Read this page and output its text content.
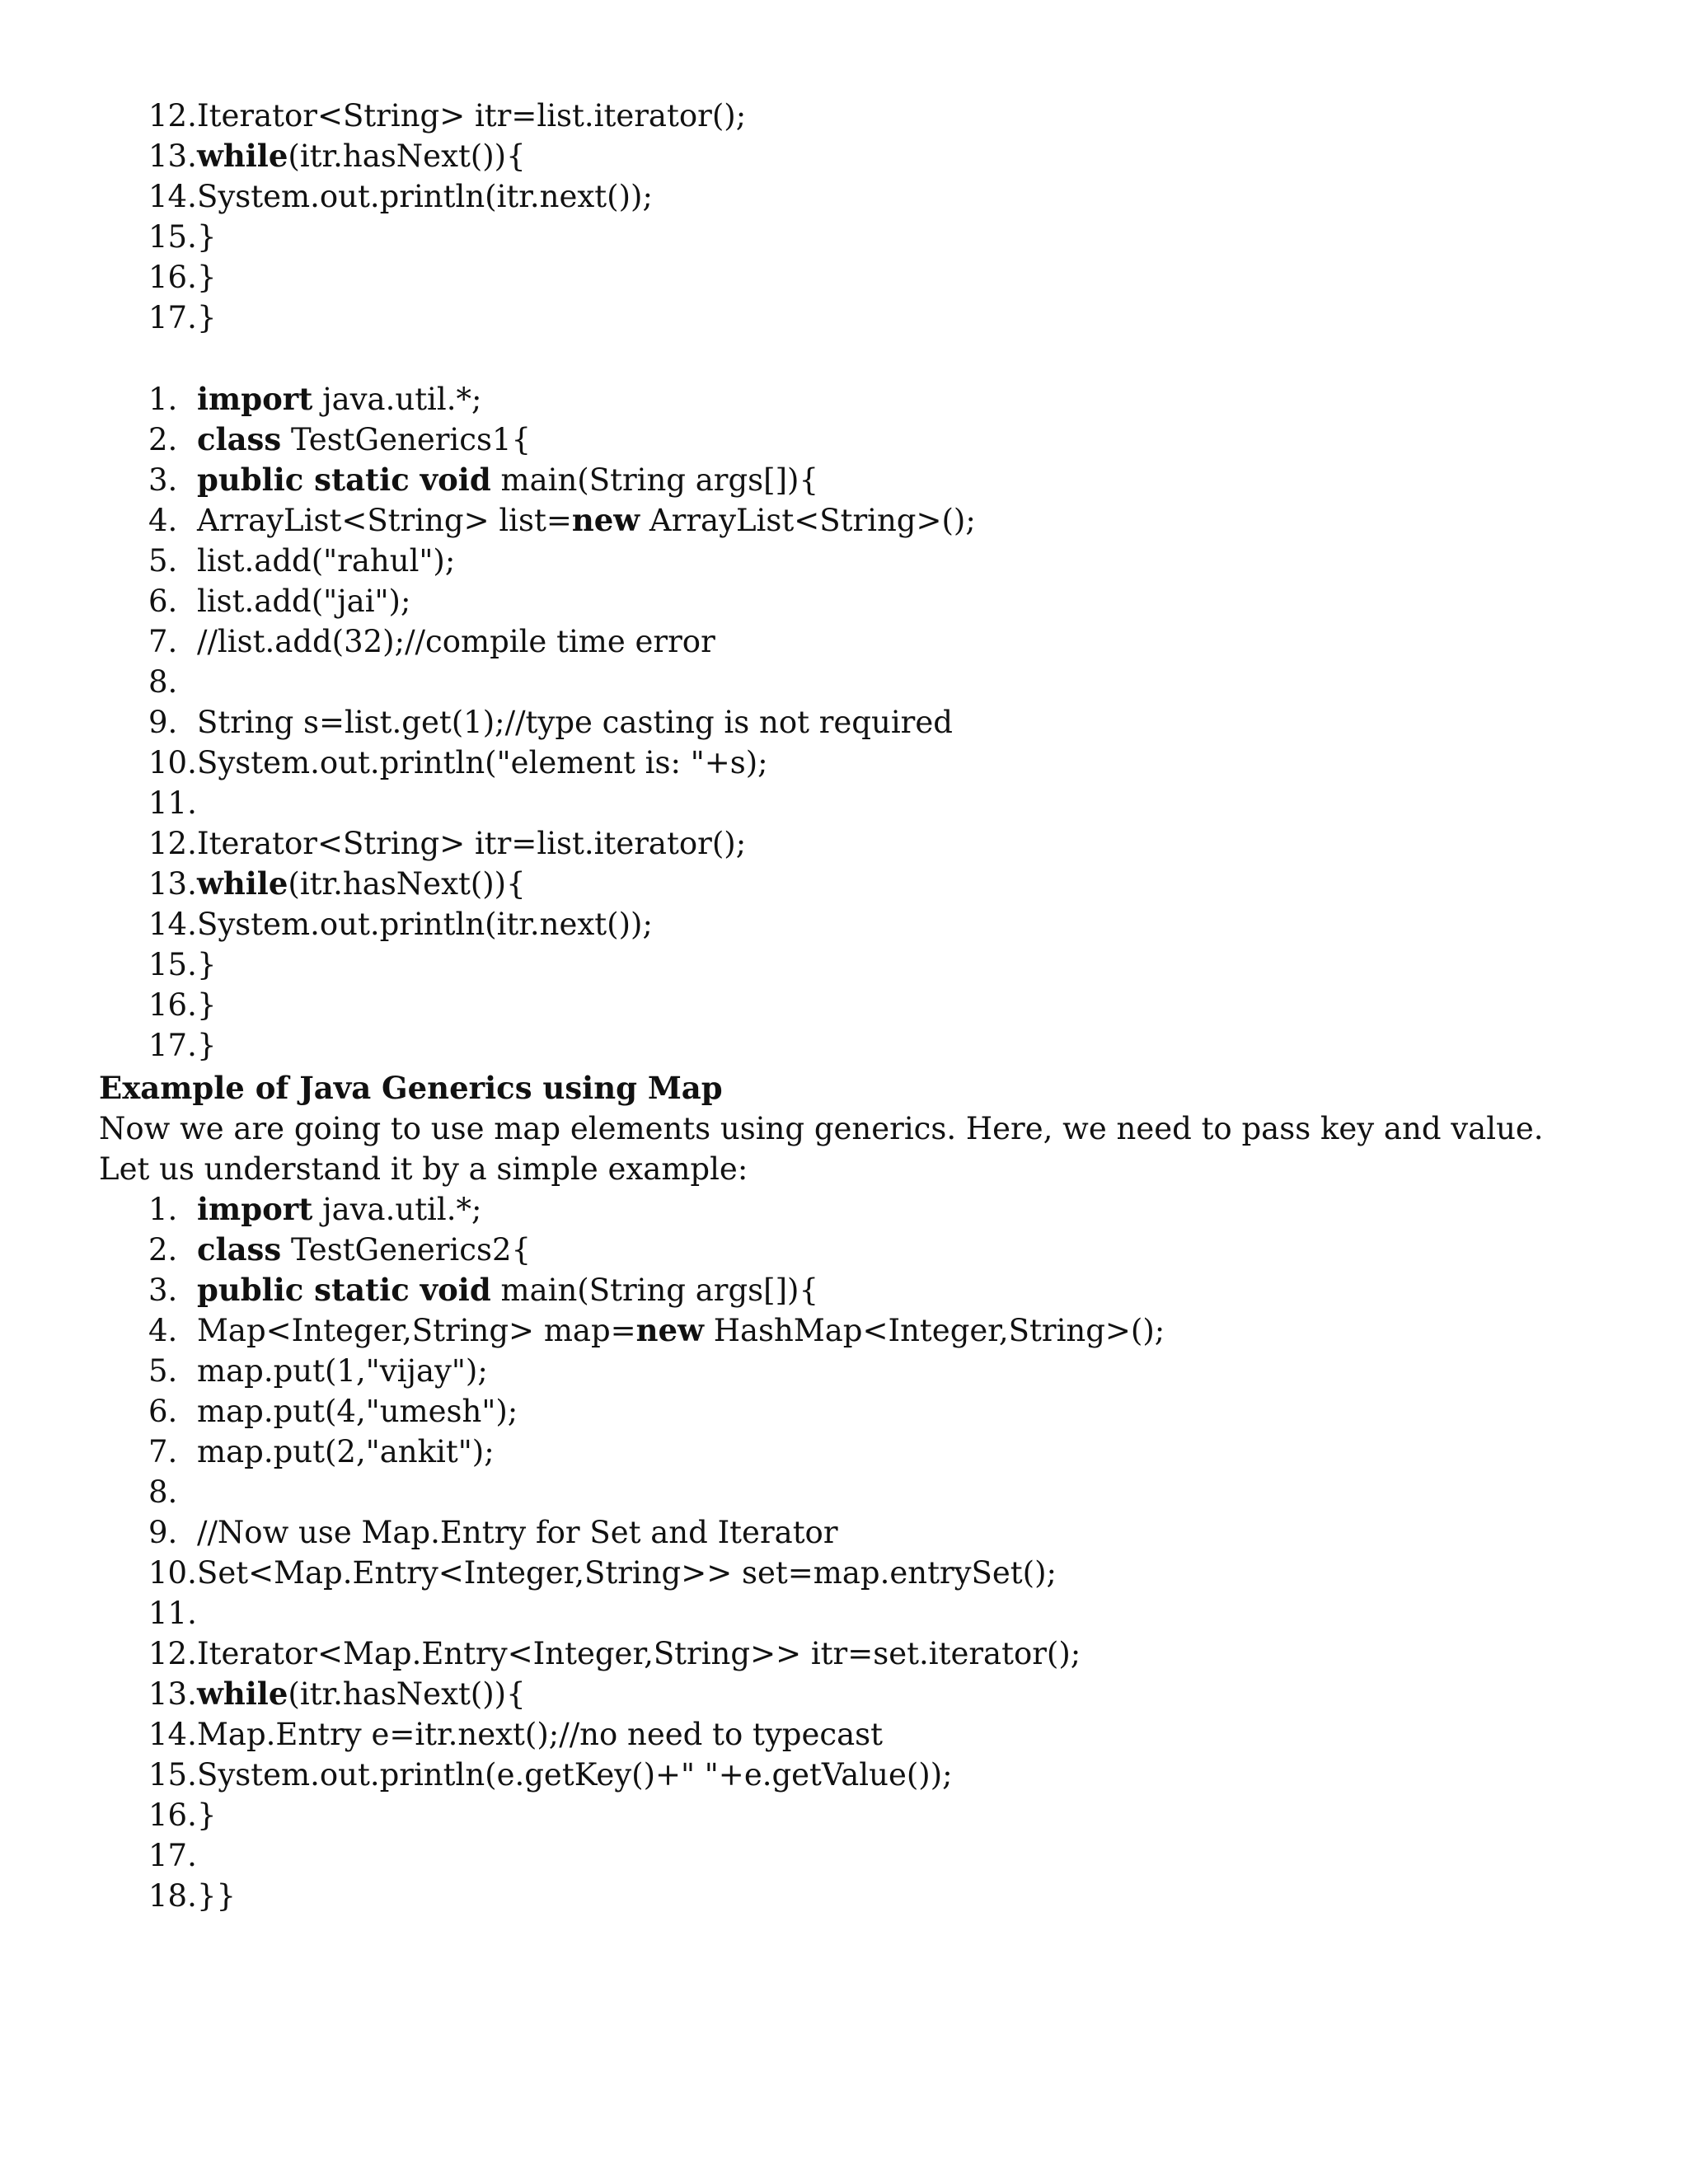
12. Iterator<String> itr=list.iterator();
13. while(itr.hasNext()){
14. System.out.println(itr.next());
15. }
16. }
17. }
1. import java.util.*;
2. class TestGenerics1{
3. public static void main(String args[]){
4. ArrayList<String> list=new ArrayList<String>();
5. list.add("rahul");
6. list.add("jai");
7. //list.add(32);//compile time error
8.
9. String s=list.get(1);//type casting is not required
10. System.out.println("element is: "+s);
11.
12. Iterator<String> itr=list.iterator();
13. while(itr.hasNext()){
14. System.out.println(itr.next());
15. }
16. }
17. }
Example of Java Generics using Map
Now we are going to use map elements using generics. Here, we need to pass key and value. Let us understand it by a simple example:
1. import java.util.*;
2. class TestGenerics2{
3. public static void main(String args[]){
4. Map<Integer,String> map=new HashMap<Integer,String>();
5. map.put(1,"vijay");
6. map.put(4,"umesh");
7. map.put(2,"ankit");
8.
9. //Now use Map.Entry for Set and Iterator
10. Set<Map.Entry<Integer,String>> set=map.entrySet();
11.
12. Iterator<Map.Entry<Integer,String>> itr=set.iterator();
13. while(itr.hasNext()){
14. Map.Entry e=itr.next();//no need to typecast
15. System.out.println(e.getKey()+" "+e.getValue());
16. }
17.
18. }}
